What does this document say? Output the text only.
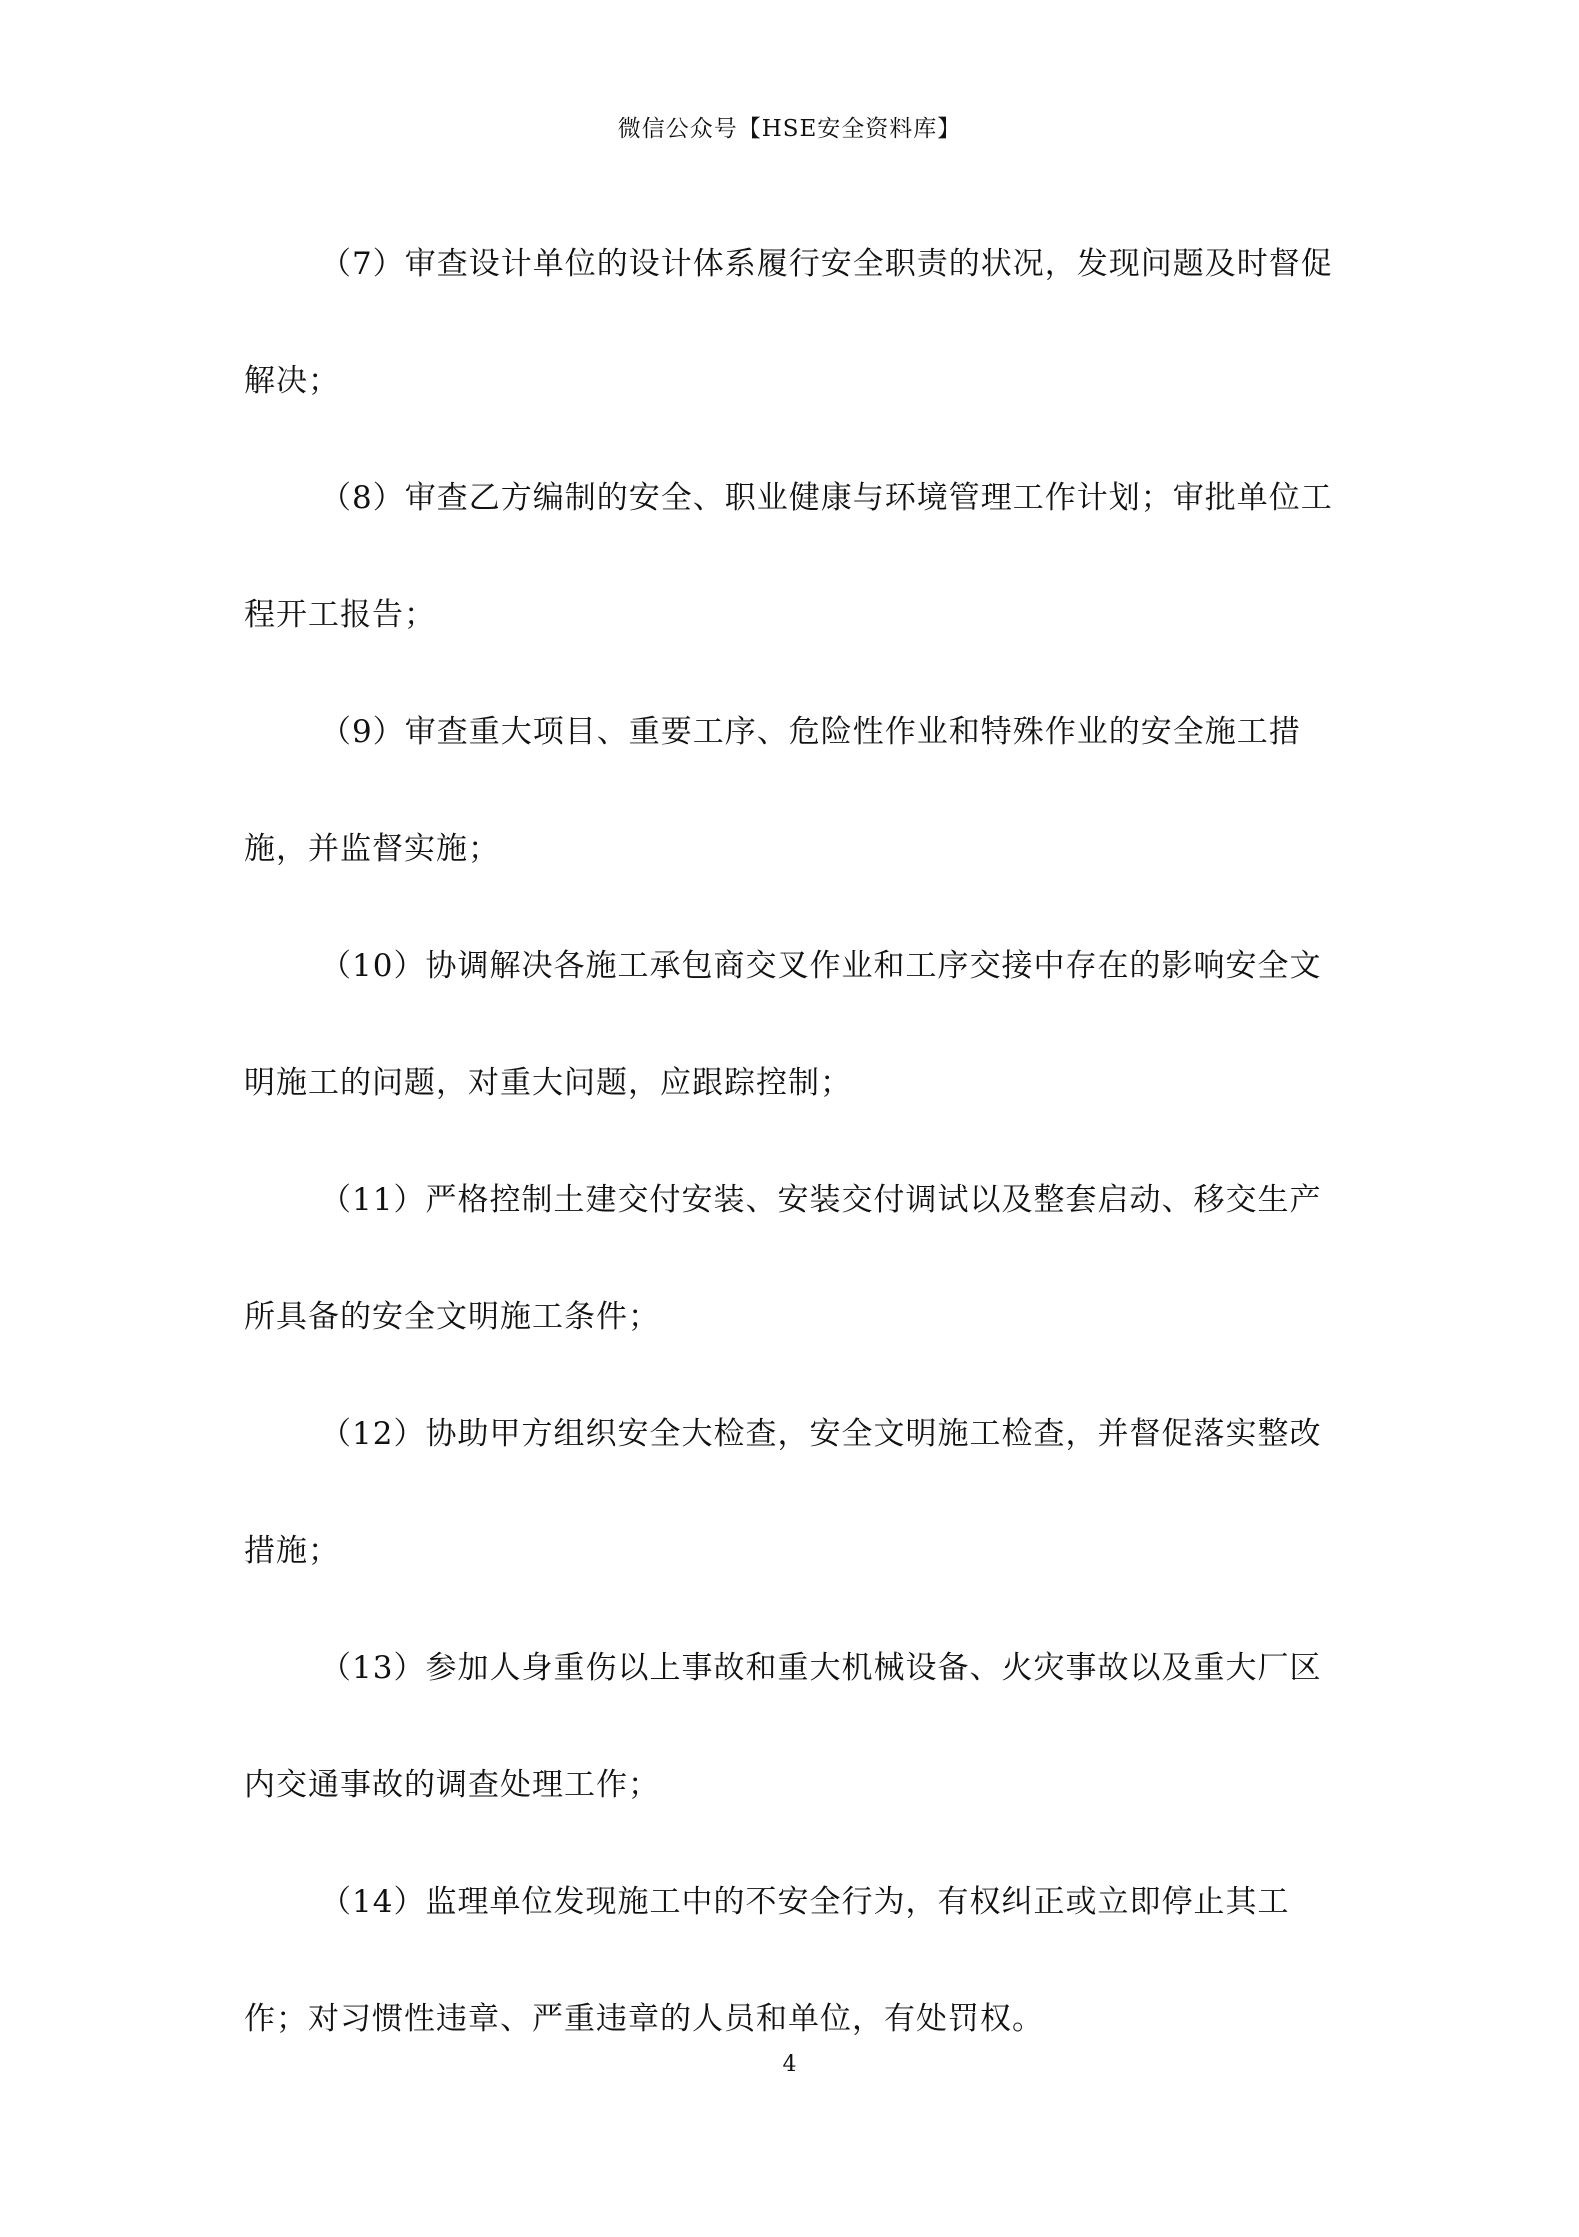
微信公众号【HSE安全资料库】

（7）审查设计单位的设计体系履行安全职责的状况，发现问题及时督促解决；

（8）审查乙方编制的安全、职业健康与环境管理工作计划；审批单位工程开工报告；

（9）审查重大项目、重要工序、危险性作业和特殊作业的安全施工措施，并监督实施；

（10）协调解决各施工承包商交叉作业和工序交接中存在的影响安全文明施工的问题，对重大问题，应跟踪控制；

（11）严格控制土建交付安装、安装交付调试以及整套启动、移交生产所具备的安全文明施工条件；

（12）协助甲方组织安全大检查，安全文明施工检查，并督促落实整改措施；

（13）参加人身重伤以上事故和重大机械设备、火灾事故以及重大厂区内交通事故的调查处理工作；

（14）监理单位发现施工中的不安全行为，有权纠正或立即停止其工作；对习惯性违章、严重违章的人员和单位，有处罚权。

4
